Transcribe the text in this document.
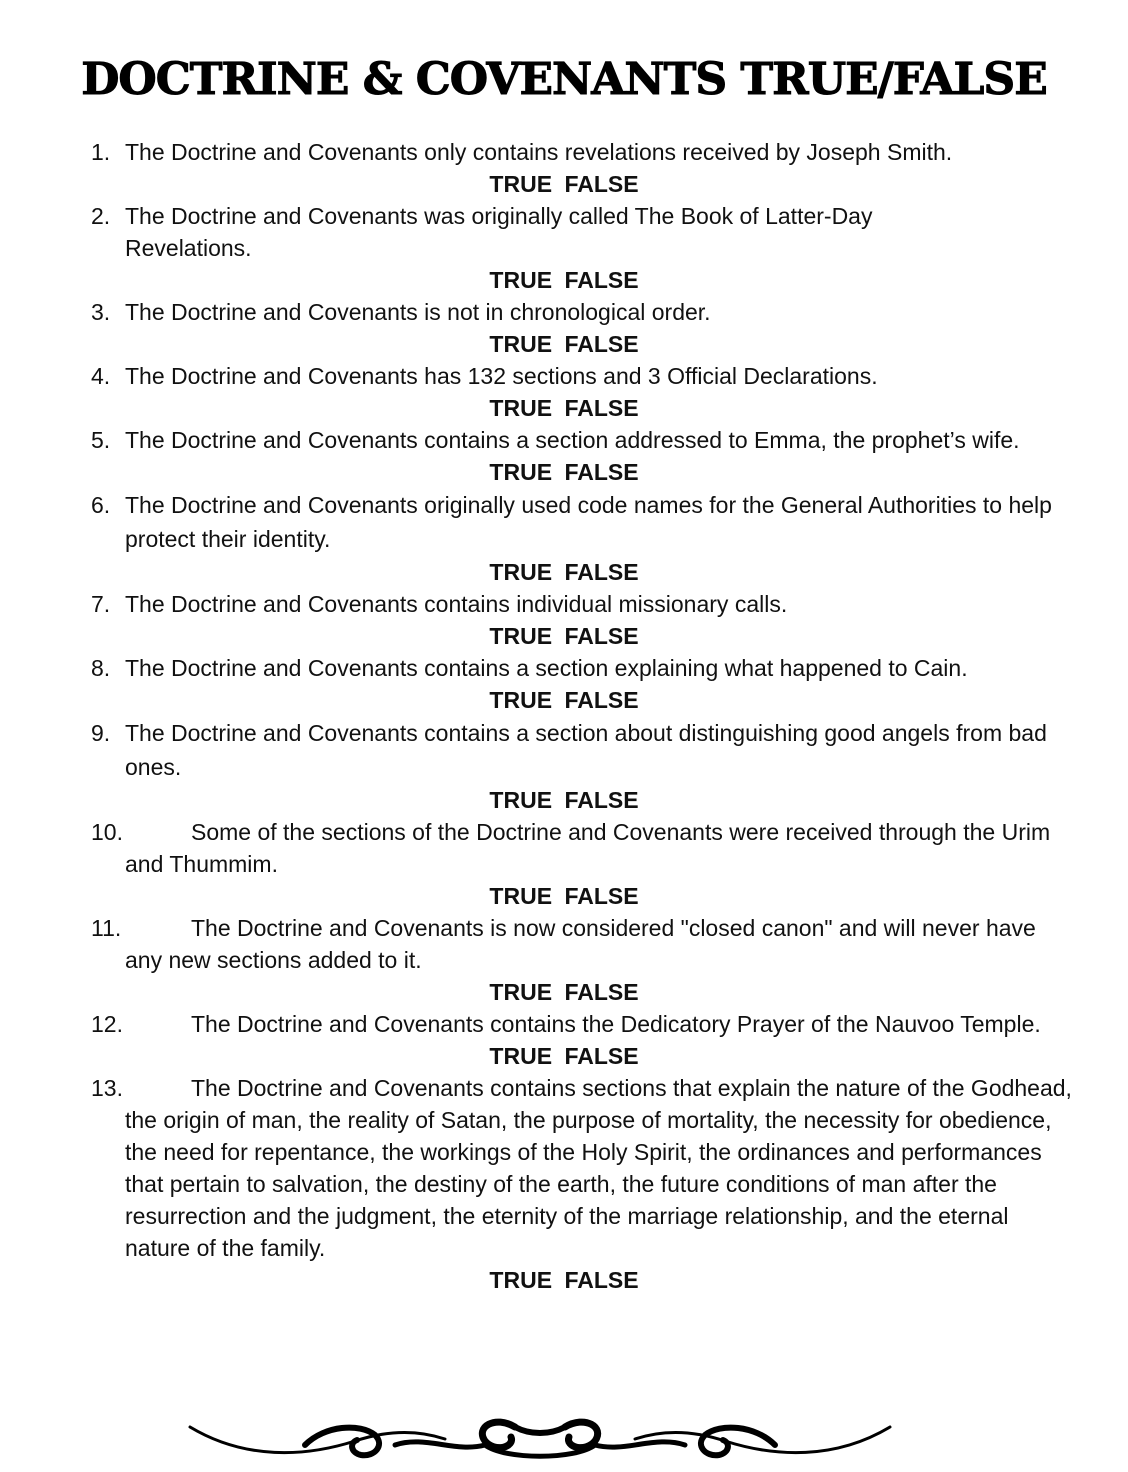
DOCTRINE & COVENANTS TRUE/FALSE
1. The Doctrine and Covenants only contains revelations received by Joseph Smith.
TRUE FALSE
2. The Doctrine and Covenants was originally called The Book of Latter-Day Revelations.
TRUE FALSE
3. The Doctrine and Covenants is not in chronological order.
TRUE FALSE
4. The Doctrine and Covenants has 132 sections and 3 Official Declarations.
TRUE FALSE
5. The Doctrine and Covenants contains a section addressed to Emma, the prophet’s wife.
TRUE FALSE
6. The Doctrine and Covenants originally used code names for the General Authorities to help protect their identity.
TRUE FALSE
7. The Doctrine and Covenants contains individual missionary calls.
TRUE FALSE
8. The Doctrine and Covenants contains a section explaining what happened to Cain.
TRUE FALSE
9. The Doctrine and Covenants contains a section about distinguishing good angels from bad ones.
TRUE FALSE
10.	Some of the sections of the Doctrine and Covenants were received through the Urim and Thummim.
TRUE FALSE
11.	The Doctrine and Covenants is now considered "closed canon" and will never have any new sections added to it.
TRUE FALSE
12.	The Doctrine and Covenants contains the Dedicatory Prayer of the Nauvoo Temple.
TRUE FALSE
13.	The Doctrine and Covenants contains sections that explain the nature of the Godhead, the origin of man, the reality of Satan, the purpose of mortality, the necessity for obedience, the need for repentance, the workings of the Holy Spirit, the ordinances and performances that pertain to salvation, the destiny of the earth, the future conditions of man after the resurrection and the judgment, the eternity of the marriage relationship, and the eternal nature of the family.
TRUE FALSE
